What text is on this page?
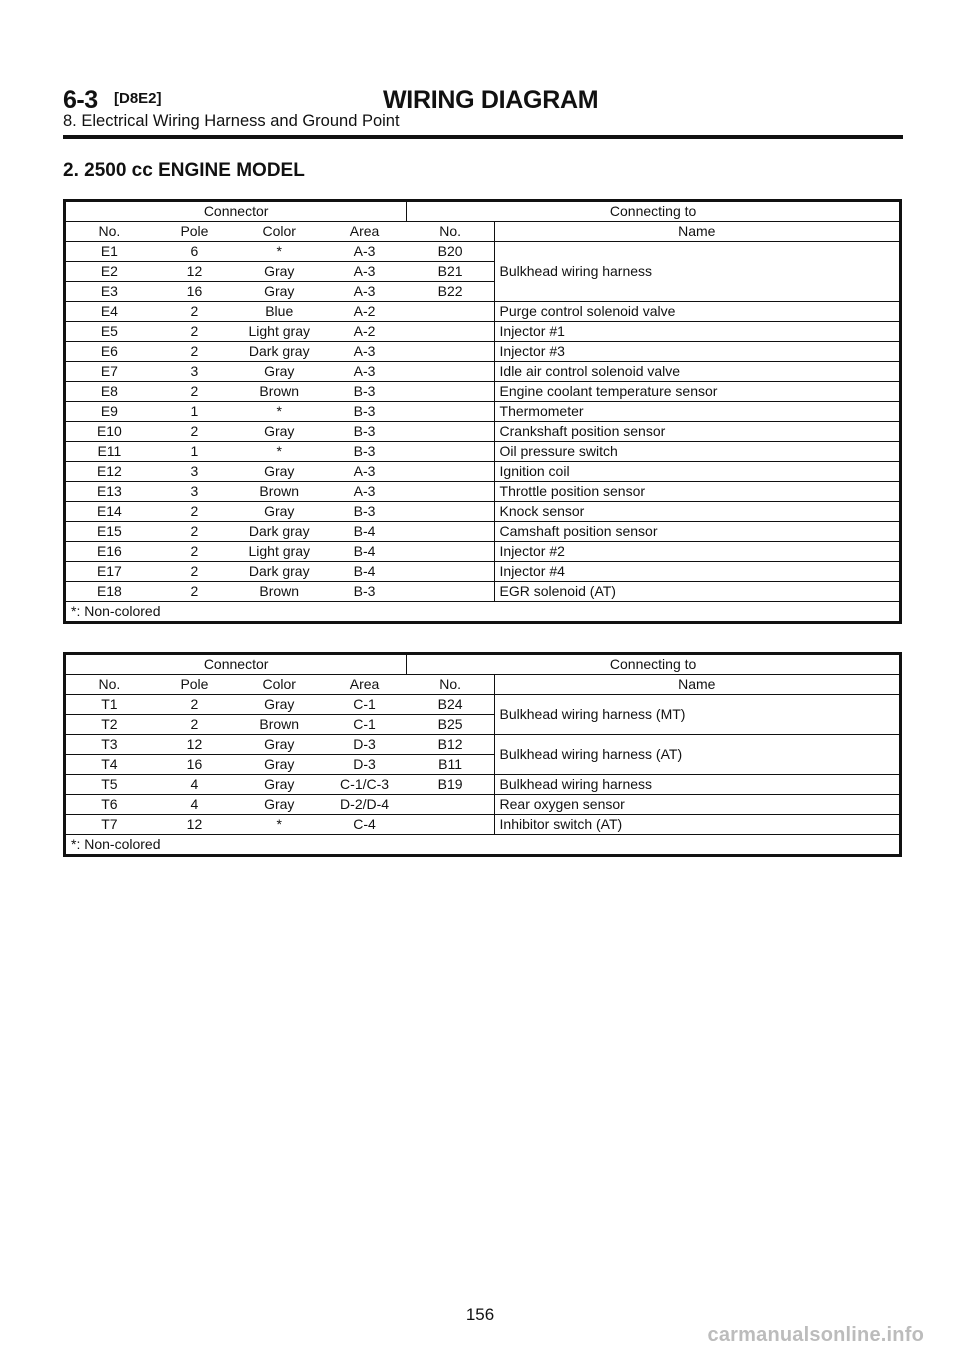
6-3 [D8E2]	WIRING DIAGRAM
8. Electrical Wiring Harness and Ground Point
2. 2500 cc ENGINE MODEL
Connector				Connecting to	
No.	Pole	Color	Area	No.	Name
E1	6	*	A-3	B20	Bulkhead wiring harness
E2	12	Gray	A-3	B21	
E3	16	Gray	A-3	B22	
E4	2	Blue	A-2		Purge control solenoid valve
E5	2	Light gray	A-2		Injector #1
E6	2	Dark gray	A-3		Injector #3
E7	3	Gray	A-3		Idle air control solenoid valve
E8	2	Brown	B-3		Engine coolant temperature sensor
E9	1	*	B-3		Thermometer
E10	2	Gray	B-3		Crankshaft position sensor
E11	1	*	B-3		Oil pressure switch
E12	3	Gray	A-3		Ignition coil
E13	3	Brown	A-3		Throttle position sensor
E14	2	Gray	B-3		Knock sensor
E15	2	Dark gray	B-4		Camshaft position sensor
E16	2	Light gray	B-4		Injector #2
E17	2	Dark gray	B-4		Injector #4
E18	2	Brown	B-3		EGR solenoid (AT)
*: Non-colored					
Connector				Connecting to	
No.	Pole	Color	Area	No.	Name
T1	2	Gray	C-1	B24	Bulkhead wiring harness (MT)
T2	2	Brown	C-1	B25	
T3	12	Gray	D-3	B12	Bulkhead wiring harness (AT)
T4	16	Gray	D-3	B11	
T5	4	Gray	C-1/C-3	B19	Bulkhead wiring harness
T6	4	Gray	D-2/D-4		Rear oxygen sensor
T7	12	*	C-4		Inhibitor switch (AT)
*: Non-colored					
156
carmanualsonline.info
